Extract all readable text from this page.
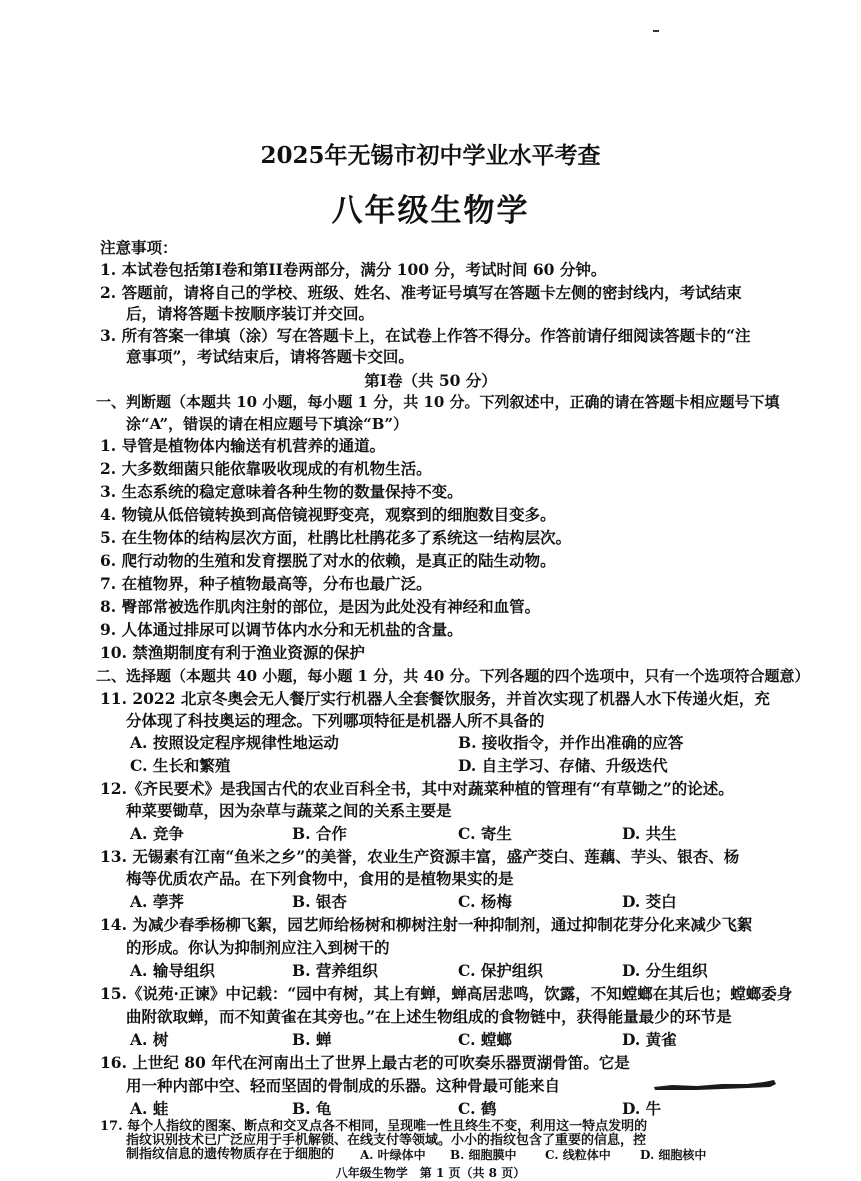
2025年无锡市初中学业水平考查
八年级生物学
注意事项：
1. 本试卷包括第I卷和第II卷两部分，满分 100 分，考试时间 60 分钟。
2. 答题前，请将自己的学校、班级、姓名、准考证号填写在答题卡左侧的密封线内，考试结束
后，请将答题卡按顺序装订并交回。
3. 所有答案一律填（涂）写在答题卡上，在试卷上作答不得分。作答前请仔细阅读答题卡的“注
意事项”，考试结束后，请将答题卡交回。
第I卷（共 50 分）
一、判断题（本题共 10 小题，每小题 1 分，共 10 分。下列叙述中，正确的请在答题卡相应题号下填
涂“A”，错误的请在相应题号下填涂“B”）
1. 导管是植物体内输送有机营养的通道。
2. 大多数细菌只能依靠吸收现成的有机物生活。
3. 生态系统的稳定意味着各种生物的数量保持不变。
4. 物镜从低倍镜转换到高倍镜视野变亮，观察到的细胞数目变多。
5. 在生物体的结构层次方面，杜鹃比杜鹃花多了系统这一结构层次。
6. 爬行动物的生殖和发育摆脱了对水的依赖，是真正的陆生动物。
7. 在植物界，种子植物最高等，分布也最广泛。
8. 臀部常被选作肌肉注射的部位，是因为此处没有神经和血管。
9. 人体通过排尿可以调节体内水分和无机盐的含量。
10. 禁渔期制度有利于渔业资源的保护
二、选择题（本题共 40 小题，每小题 1 分，共 40 分。下列各题的四个选项中，只有一个选项符合题意）
11. 2022 北京冬奥会无人餐厅实行机器人全套餐饮服务，并首次实现了机器人水下传递火炬，充
分体现了科技奥运的理念。下列哪项特征是机器人所不具备的
A. 按照设定程序规律性地运动	B. 接收指令，并作出准确的应答
C. 生长和繁殖	D. 自主学习、存储、升级迭代
12.《齐民要术》是我国古代的农业百科全书，其中对蔬菜种植的管理有“有草锄之”的论述。
种菜要锄草，因为杂草与蔬菜之间的关系主要是
A. 竞争	B. 合作	C. 寄生	D. 共生
13. 无锡素有江南“鱼米之乡”的美誉，农业生产资源丰富，盛产茭白、莲藕、芋头、银杏、杨
梅等优质农产品。在下列食物中，食用的是植物果实的是
A. 荸荠	B. 银杏	C. 杨梅	D. 茭白
14. 为减少春季杨柳飞絮，园艺师给杨树和柳树注射一种抑制剂，通过抑制花芽分化来减少飞絮
的形成。你认为抑制剂应注入到树干的
A. 输导组织	B. 营养组织	C. 保护组织	D. 分生组织
15.《说苑·正谏》中记载：“园中有树，其上有蝉，蝉高居悲鸣，饮露，不知螳螂在其后也；螳螂委身
曲附欲取蝉，而不知黄雀在其旁也。”在上述生物组成的食物链中，获得能量最少的环节是
A. 树	B. 蝉	C. 螳螂	D. 黄雀
16. 上世纪 80 年代在河南出土了世界上最古老的可吹奏乐器贾湖骨笛。它是
用一种内部中空、轻而坚固的骨制成的乐器。这种骨最可能来自
A. 蛙	B. 龟	C. 鹤	D. 牛
17. 每个人指纹的图案、断点和交叉点各不相同，呈现唯一性且终生不变，利用这一特点发明的
八年级生物学　第 1 页（共 8 页）
指纹识别技术已广泛应用于手机解锁、在线支付等领域。小小的指纹包含了重要的信息，控
制指纹信息的遗传物质存在于细胞的 A. 叶绿体中 B. 细胞膜中 C. 线粒体中 D. 细胞核中
